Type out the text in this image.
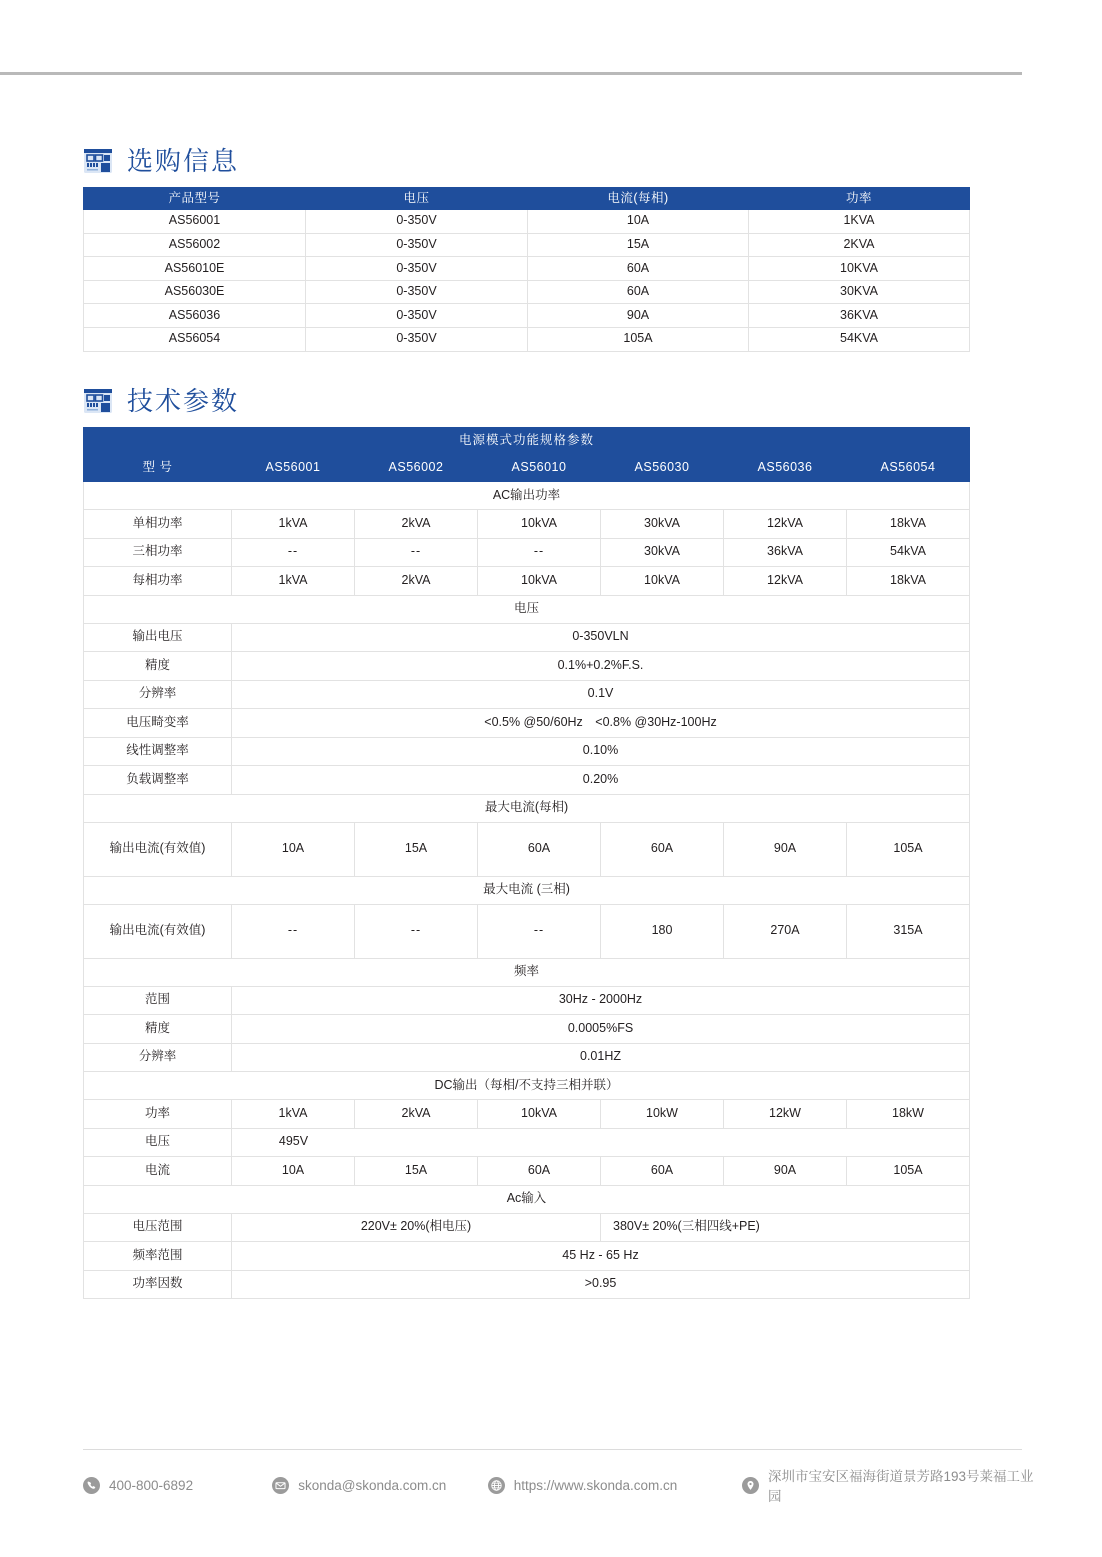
选购信息
产品型号	电压	电流(每相)	功率
AS56001	0-350V	10A	1KVA
AS56002	0-350V	15A	2KVA
AS56010E	0-350V	60A	10KVA
AS56030E	0-350V	60A	30KVA
AS56036	0-350V	90A	36KVA
AS56054	0-350V	105A	54KVA
技术参数
电源模式功能规格参数						
型 号	AS56001	AS56002	AS56010	AS56030	AS56036	AS56054
AC输出功率						
单相功率	1kVA	2kVA	10kVA	30kVA	12kVA	18kVA
三相功率	--	--	--	30kVA	36kVA	54kVA
每相功率	1kVA	2kVA	10kVA	10kVA	12kVA	18kVA
电压						
输出电压	0-350VLN					
精度	0.1%+0.2%F.S.					
分辨率	0.1V					
电压畸变率	<0.5% @50/60Hz　<0.8% @30Hz-100Hz					
线性调整率	0.10%					
负载调整率	0.20%					
最大电流(每相)						
输出电流(有效值)	10A	15A	60A	60A	90A	105A
最大电流 (三相)						
输出电流(有效值)	--	--	--	180	270A	315A
频率						
范围	30Hz - 2000Hz					
精度	0.0005%FS					
分辨率	0.01HZ					
DC输出（每相/不支持三相并联）						
功率	1kVA	2kVA	10kVA	10kW	12kW	18kW
电压	495V					
电流	10A	15A	60A	60A	90A	105A
Ac输入						
电压范围	220V± 20%(相电压)			380V± 20%(三相四线+PE)		
频率范围	45 Hz - 65 Hz					
功率因数	>0.95					
400-800-6892	skonda@skonda.com.cn	https://www.skonda.com.cn
深圳市宝安区福海街道景芳路193号莱福工业园
